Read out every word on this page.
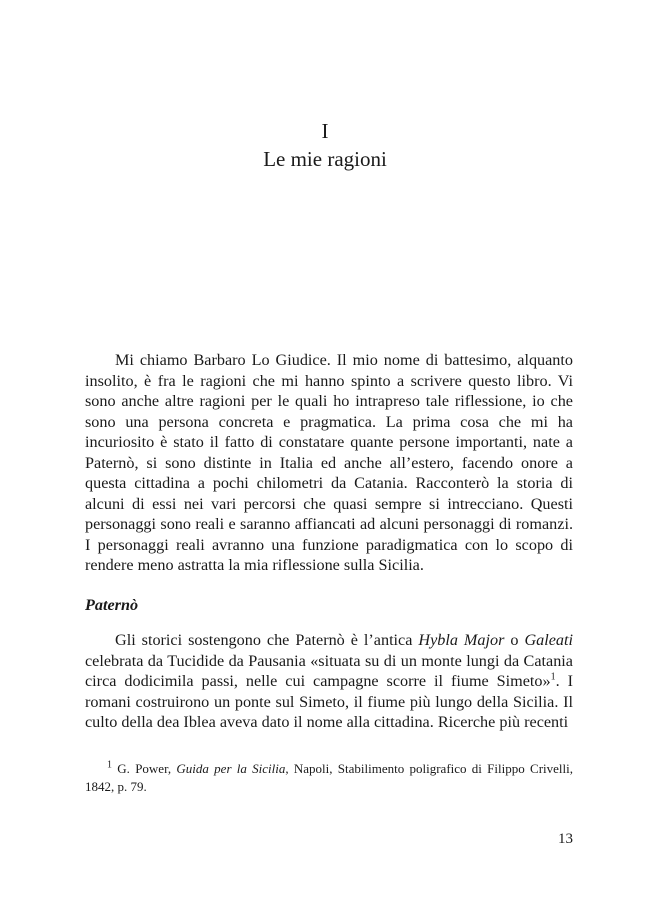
I
Le mie ragioni

Mi chiamo Barbaro Lo Giudice. Il mio nome di battesimo, alquanto insolito, è fra le ragioni che mi hanno spinto a scrivere questo libro. Vi sono anche altre ragioni per le quali ho intrapreso tale riflessione, io che sono una persona concreta e pragmatica. La prima cosa che mi ha incuriosito è stato il fatto di constatare quante persone importanti, nate a Paternò, si sono distinte in Italia ed anche all’estero, facendo onore a questa cittadina a pochi chilometri da Catania. Racconterò la storia di alcuni di essi nei vari percorsi che quasi sempre si intrecciano. Questi personaggi sono reali e saranno affiancati ad alcuni personaggi di romanzi. I personaggi reali avranno una funzione paradigmatica con lo scopo di rendere meno astratta la mia riflessione sulla Sicilia.

Paternò

Gli storici sostengono che Paternò è l’antica Hybla Major o Galeati celebrata da Tucidide da Pausania «situata su di un monte lungi da Catania circa dodicimila passi, nelle cui campagne scorre il fiume Simeto»$^1$. I romani costruirono un ponte sul Simeto, il fiume più lungo della Sicilia. Il culto della dea Iblea aveva dato il nome alla cittadina. Ricerche più recenti

$^1$ G. Power, Guida per la Sicilia, Napoli, Stabilimento poligrafico di Filippo Crivelli, 1842, p. 79.
13
